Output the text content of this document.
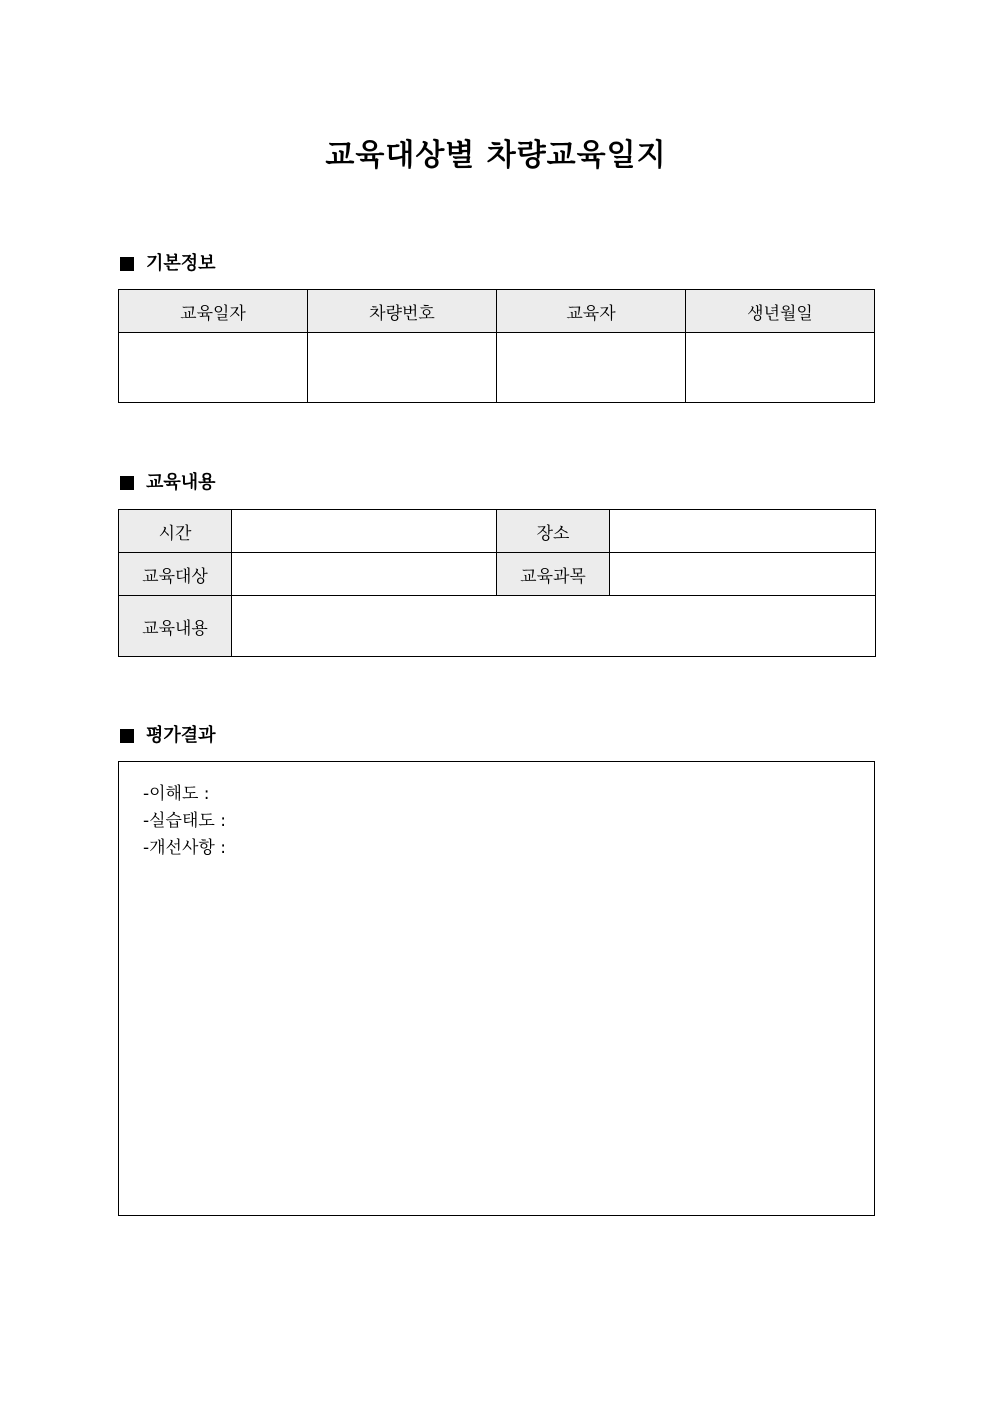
교육대상별 차량교육일지
기본정보
교육일자	차량번호	교육자	생년월일

교육내용
시간		장소	
교육대상		교육과목	
교육내용			
평가결과
-이해도 :
-실습태도 :
-개선사항 :
